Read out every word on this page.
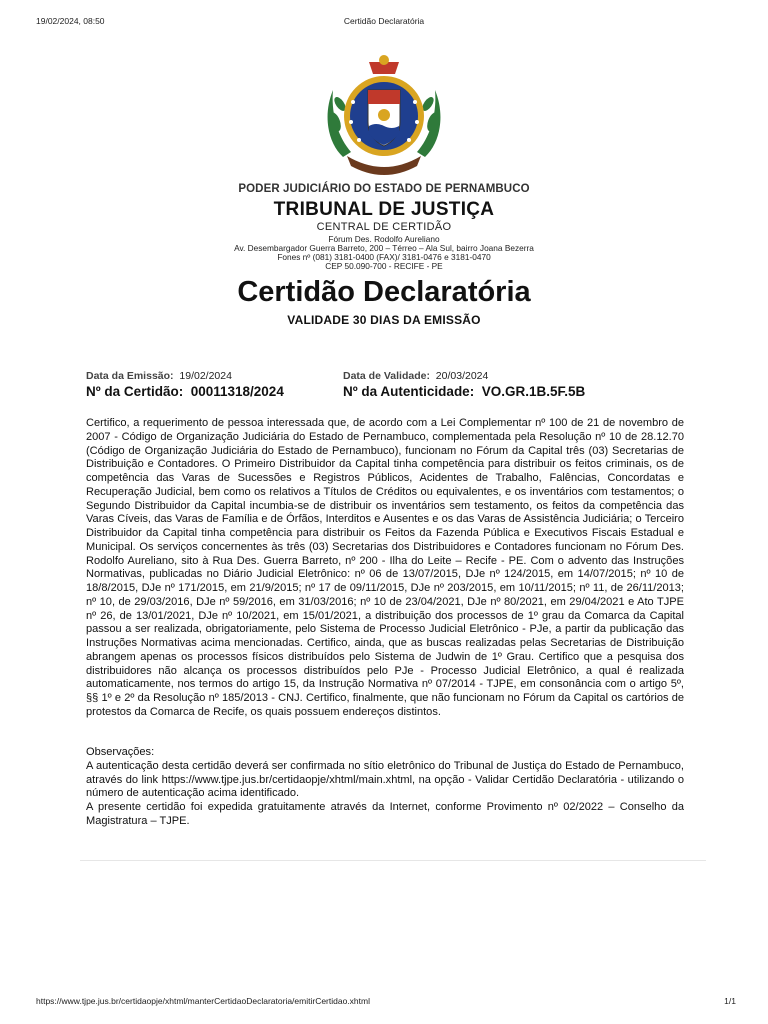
19/02/2024, 08:50	Certidão Declaratória
PODER JUDICIÁRIO DO ESTADO DE PERNAMBUCO
TRIBUNAL DE JUSTIÇA
CENTRAL DE CERTIDÃO
Fórum Des. Rodolfo Aureliano
Av. Desembargador Guerra Barreto, 200 – Térreo – Ala Sul, bairro Joana Bezerra
Fones nº (081) 3181-0400 (FAX)/ 3181-0476 e 3181-0470
CEP 50.090-700 - RECIFE - PE
Certidão Declaratória
VALIDADE 30 DIAS DA EMISSÃO
Data da Emissão: 19/02/2024	Data de Validade: 20/03/2024
Nº da Certidão: 00011318/2024	Nº da Autenticidade: VO.GR.1B.5F.5B
Certifico, a requerimento de pessoa interessada que, de acordo com a Lei Complementar nº 100 de 21 de novembro de 2007 - Código de Organização Judiciária do Estado de Pernambuco, complementada pela Resolução nº 10 de 28.12.70 (Código de Organização Judiciária do Estado de Pernambuco), funcionam no Fórum da Capital três (03) Secretarias de Distribuição e Contadores. O Primeiro Distribuidor da Capital tinha competência para distribuir os feitos criminais, os de competência das Varas de Sucessões e Registros Públicos, Acidentes de Trabalho, Falências, Concordatas e Recuperação Judicial, bem como os relativos a Títulos de Créditos ou equivalentes, e os inventários com testamentos; o Segundo Distribuidor da Capital incumbia-se de distribuir os inventários sem testamento, os feitos da competência das Varas Cíveis, das Varas de Família e de Órfãos, Interditos e Ausentes e os das Varas de Assistência Judiciária; o Terceiro Distribuidor da Capital tinha competência para distribuir os Feitos da Fazenda Pública e Executivos Fiscais Estadual e Municipal. Os serviços concernentes às três (03) Secretarias dos Distribuidores e Contadores funcionam no Fórum Des. Rodolfo Aureliano, sito à Rua Des. Guerra Barreto, nº 200 - Ilha do Leite – Recife - PE. Com o advento das Instruções Normativas, publicadas no Diário Judicial Eletrônico: nº 06 de 13/07/2015, DJe nº 124/2015, em 14/07/2015; nº 10 de 18/8/2015, DJe nº 171/2015, em 21/9/2015; nº 17 de 09/11/2015, DJe nº 203/2015, em 10/11/2015; nº 11, de 26/11/2013; nº 10, de 29/03/2016, DJe nº 59/2016, em 31/03/2016; nº 10 de 23/04/2021, DJe nº 80/2021, em 29/04/2021 e Ato TJPE nº 26, de 13/01/2021, DJe nº 10/2021, em 15/01/2021, a distribuição dos processos de 1º grau da Comarca da Capital passou a ser realizada, obrigatoriamente, pelo Sistema de Processo Judicial Eletrônico - PJe, a partir da publicação das Instruções Normativas acima mencionadas. Certifico, ainda, que as buscas realizadas pelas Secretarias de Distribuição abrangem apenas os processos físicos distribuídos pelo Sistema de Judwin de 1º Grau. Certifico que a pesquisa dos distribuidores não alcança os processos distribuídos pelo PJe - Processo Judicial Eletrônico, a qual é realizada automaticamente, nos termos do artigo 15, da Instrução Normativa nº 07/2014 - TJPE, em consonância com o artigo 5º, §§ 1º e 2º da Resolução nº 185/2013 - CNJ. Certifico, finalmente, que não funcionam no Fórum da Capital os cartórios de protestos da Comarca de Recife, os quais possuem endereços distintos.

Observações:

A autenticação desta certidão deverá ser confirmada no sítio eletrônico do Tribunal de Justiça do Estado de Pernambuco, através do link https://www.tjpe.jus.br/certidaopje/xhtml/main.xhtml, na opção - Validar Certidão Declaratória - utilizando o número de autenticação acima identificado.

A presente certidão foi expedida gratuitamente através da Internet, conforme Provimento nº 02/2022 – Conselho da Magistratura – TJPE.

https://www.tjpe.jus.br/certidaopje/xhtml/manterCertidaoDeclaratoria/emitirCertidao.xhtml	1/1
